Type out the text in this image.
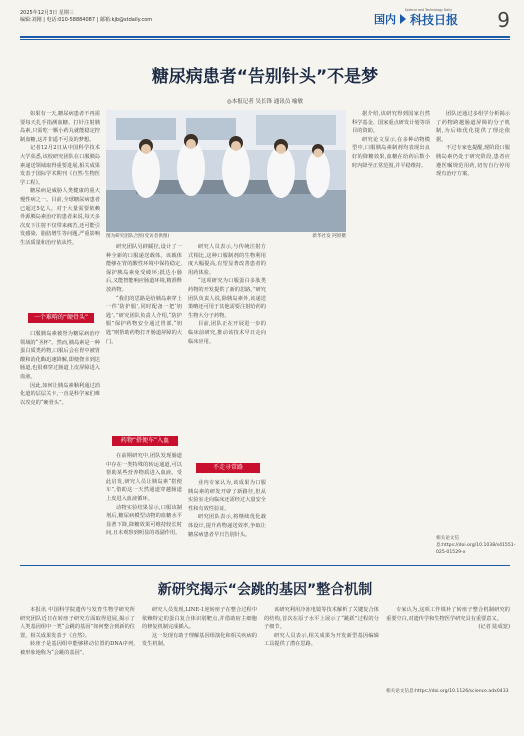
2025年12月3日 星期三
编辑:刘刚 | 电话:010-58884087 | 邮箱:kjb@stdaily.com	国内 科技日报
Science and Technology Daily 9
糖尿病患者“告别针头”不是梦
◎本报记者 吴长锋 通讯员 喻敏
图为研究团队合照(受访者供图)	新华社发 阿原摄

如果有一天,糖尿病患者不再需要每天扎手指测血糖、打针注射胰岛素,只需吃一颗小药丸就能稳定控制血糖,这并非遥不可及的梦想。

记者12月2日从中国科学技术大学获悉,该校研究团队在口服胰岛素递送领域取得重要进展,相关成果发表于国际学术期刊《自然·生物医学工程》。

糖尿病是威胁人类健康的重大慢性病之一。目前,全球糖尿病患者已超过5亿人。对于大量需要依赖外源胰岛素治疗的患者来说,每天多次皮下注射不仅带来痛苦,还可能引发感染、脂肪增生等问题,严重影响生活质量和治疗依从性。

一个难啃的“硬骨头”

口服胰岛素被誉为糖尿病治疗领域的“圣杯”。然而,胰岛素是一种蛋白质类药物,口服后会在胃中被胃酸和消化酶迅速降解,即便侥幸到达肠道,也很难穿过肠道上皮屏障进入血液。

因此,如何让胰岛素顺利通过消化道的层层关卡,一直是科学家们难以攻克的“硬骨头”。

研究团队另辟蹊径,设计了一种全新的口服递送载体。该载体能够在胃的酸性环境中保持稳定,保护胰岛素免受破坏;抵达小肠后,又能智能响应肠道环境,精准释放药物。

“我们的思路是给胰岛素穿上一件‘防护服’,同时配备一把‘钥匙’。”研究团队负责人介绍,“防护服”保护药物安全通过胃部,“钥匙”则帮助药物打开肠道屏障的大门。

药物“搭便车”入血

在前期研究中,团队发现肠道中存在一类特殊的转运通道,可以帮助某些营养物质进入血液。受此启发,研究人员让胰岛素“搭便车”,借助这一天然通道穿越肠道上皮进入血液循环。

动物实验结果显示,口服该制剂后,糖尿病模型动物的血糖水平显著下降,降糖效果可维持较长时间,且未观察到明显的毒副作用。

研究人员表示,与传统注射方式相比,这种口服制剂的生物利用度大幅提高,有望显著改善患者的用药体验。

“这项研究为口服蛋白多肽类药物的开发提供了新的思路。”研究团队负责人说,除胰岛素外,该递送策略还可用于其他需要注射给药的生物大分子药物。

目前,团队正在开展进一步的临床前研究,推动该技术早日走向临床应用。

不走寻常路

业内专家认为,该成果为口服胰岛素的研发开辟了新路径,但从实验室走向临床还需经过大量安全性和有效性验证。

研究团队表示,将继续优化载体设计,提升药物递送效率,争取让糖尿病患者早日告别针头。

据介绍,该研究得到国家自然科学基金、国家重点研发计划等项目的资助。

研究论文显示,在多种动物模型中,口服胰岛素制剂均表现出良好的降糖效果,血糖在给药后数小时内降至正常范围,并平稳维持。

团队还通过多组学分析揭示了药物跨越肠道屏障的分子机制,为后续优化提供了理论依据。

不过专家也提醒,现阶段口服胰岛素仍处于研究阶段,患者应遵医嘱规范用药,切勿自行停用现有治疗方案。

相关论文信息:https://doi.org/10.1038/s41551-025-01529-x
新研究揭示“会跳的基因”整合机制

本报讯 中国科学院遗传与发育生物学研究所研究团队近日在转座子研究方面取得进展,揭示了人类基因组中一类“会跳的基因”如何整合到新的位置。相关成果发表于《自然》。

转座子是基因组中能够移动位置的DNA序列,被形象地称为“会跳的基因”。

研究人员发现,LINE-1逆转座子在整合过程中依赖特定的蛋白复合体识别靶点,并借助宿主细胞的修复机制完成插入。

这一发现有助于理解基因组演化和相关疾病的发生机制。

该研究利用冷冻电镜等技术解析了关键复合体的结构,首次在原子水平上展示了“跳跃”过程的分子细节。

研究人员表示,相关成果为开发新型基因编辑工具提供了潜在思路。

专家认为,这项工作填补了转座子整合机制研究的重要空白,对遗传学和生物医学研究具有重要意义。

(记者 陆成宽)

相关论文信息:https://doi.org/10.1126/science.adx0433
